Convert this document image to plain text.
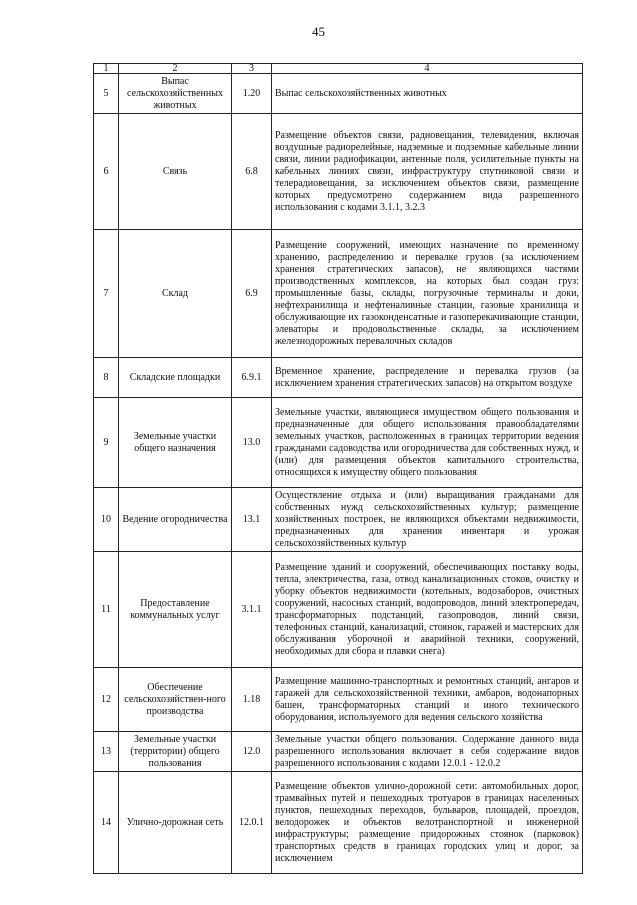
45
1	2	3	4
5	Выпас сельскохозяйственных животных	1.20	Выпас сельскохозяйственных животных
6	Связь	6.8	Размещение объектов связи, радиовещания, телевидения, включая воздушные радиорелейные, надземные и подземные кабельные линии связи, линии радиофикации, антенные поля, усилительные пункты на кабельных линиях связи, инфраструктуру спутниковой связи и телерадиовещания, за исключением объектов связи, размещение которых предусмотрено содержанием вида разрешенного использования с кодами 3.1.1, 3.2.3
7	Склад	6.9	Размещение сооружений, имеющих назначение по временному хранению, распределению и перевалке грузов (за исключением хранения стратегических запасов), не являющихся частями производственных комплексов, на которых был создан груз: промышленные базы, склады, погрузочные терминалы и доки, нефтехранилища и нефтеналивные станции, газовые хранилища и обслуживающие их газоконденсатные и газоперекачивающие станции, элеваторы и продовольственные склады, за исключением железнодорожных перевалочных складов
8	Складские площадки	6.9.1	Временное хранение, распределение и перевалка грузов (за исключением хранения стратегических запасов) на открытом воздухе
9	Земельные участки общего назначения	13.0	Земельные участки, являющиеся имуществом общего пользования и предназначенные для общего использования правообладателями земельных участков, расположенных в границах территории ведения гражданами садоводства или огородничества для собственных нужд, и (или) для размещения объектов капитального строительства, относящихся к имуществу общего пользования
10	Ведение огородничества	13.1	Осуществление отдыха и (или) выращивания гражданами для собственных нужд сельскохозяйственных культур; размещение хозяйственных построек, не являющихся объектами недвижимости, предназначенных для хранения инвентаря и урожая сельскохозяйственных культур
11	Предоставление коммунальных услуг	3.1.1	Размещение зданий и сооружений, обеспечивающих поставку воды, тепла, электричества, газа, отвод канализационных стоков, очистку и уборку объектов недвижимости (котельных, водозаборов, очистных сооружений, насосных станций, водопроводов, линий электропередач, трансформаторных подстанций, газопроводов, линий связи, телефонных станций, канализаций, стоянок, гаражей и мастерских для обслуживания уборочной и аварийной техники, сооружений, необходимых для сбора и плавки снега)
12	Обеспечение сельскохозяйствен-ного производства	1.18	Размещение машинно-транспортных и ремонтных станций, ангаров и гаражей для сельскохозяйственной техники, амбаров, водонапорных башен, трансформаторных станций и иного технического оборудования, используемого для ведения сельского хозяйства
13	Земельные участки (территории) общего пользования	12.0	Земельные участки общего пользования. Содержание данного вида разрешенного использования включает в себя содержание видов разрешенного использования с кодами 12.0.1 - 12.0.2
14	Улично-дорожная сеть	12.0.1	Размещение объектов улично-дорожной сети: автомобильных дорог, трамвайных путей и пешеходных тротуаров в границах населенных пунктов, пешеходных переходов, бульваров, площадей, проездов, велодорожек и объектов велотранспортной и инженерной инфраструктуры; размещение придорожных стоянок (парковок) транспортных средств в границах городских улиц и дорог, за исключением
